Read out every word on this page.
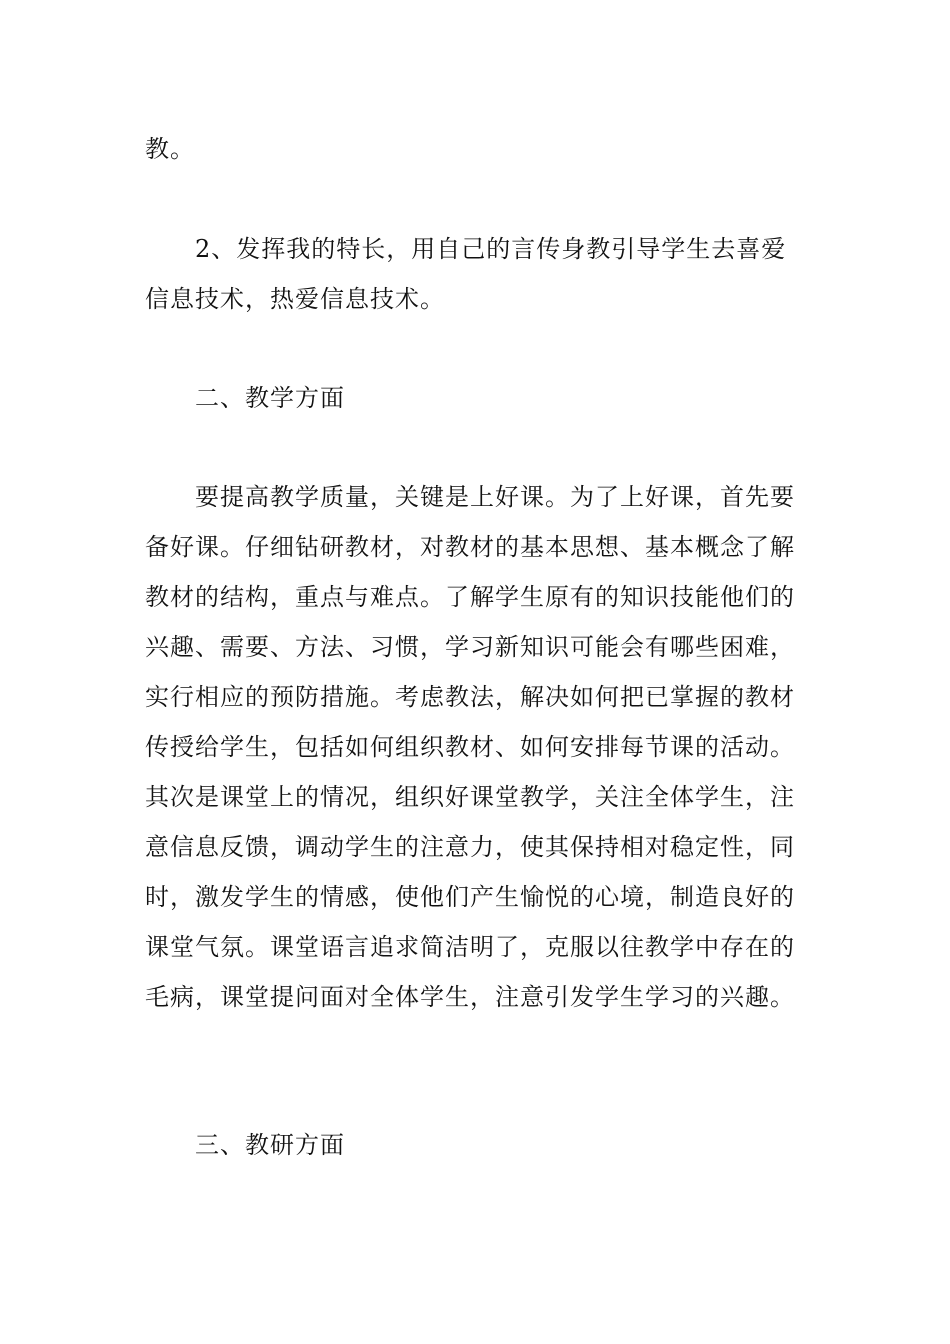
教。

2、发挥我的特长，用自己的言传身教引导学生去喜爱信息技术，热爱信息技术。

二、教学方面

要提高教学质量，关键是上好课。为了上好课，首先要备好课。仔细钻研教材，对教材的基本思想、基本概念了解教材的结构，重点与难点。了解学生原有的知识技能他们的兴趣、需要、方法、习惯，学习新知识可能会有哪些困难，实行相应的预防措施。考虑教法，解决如何把已掌握的教材传授给学生，包括如何组织教材、如何安排每节课的活动。其次是课堂上的情况，组织好课堂教学，关注全体学生，注意信息反馈，调动学生的注意力，使其保持相对稳定性，同时，激发学生的情感，使他们产生愉悦的心境，制造良好的课堂气氛。课堂语言追求简洁明了，克服以往教学中存在的毛病，课堂提问面对全体学生，注意引发学生学习的兴趣。

三、教研方面
